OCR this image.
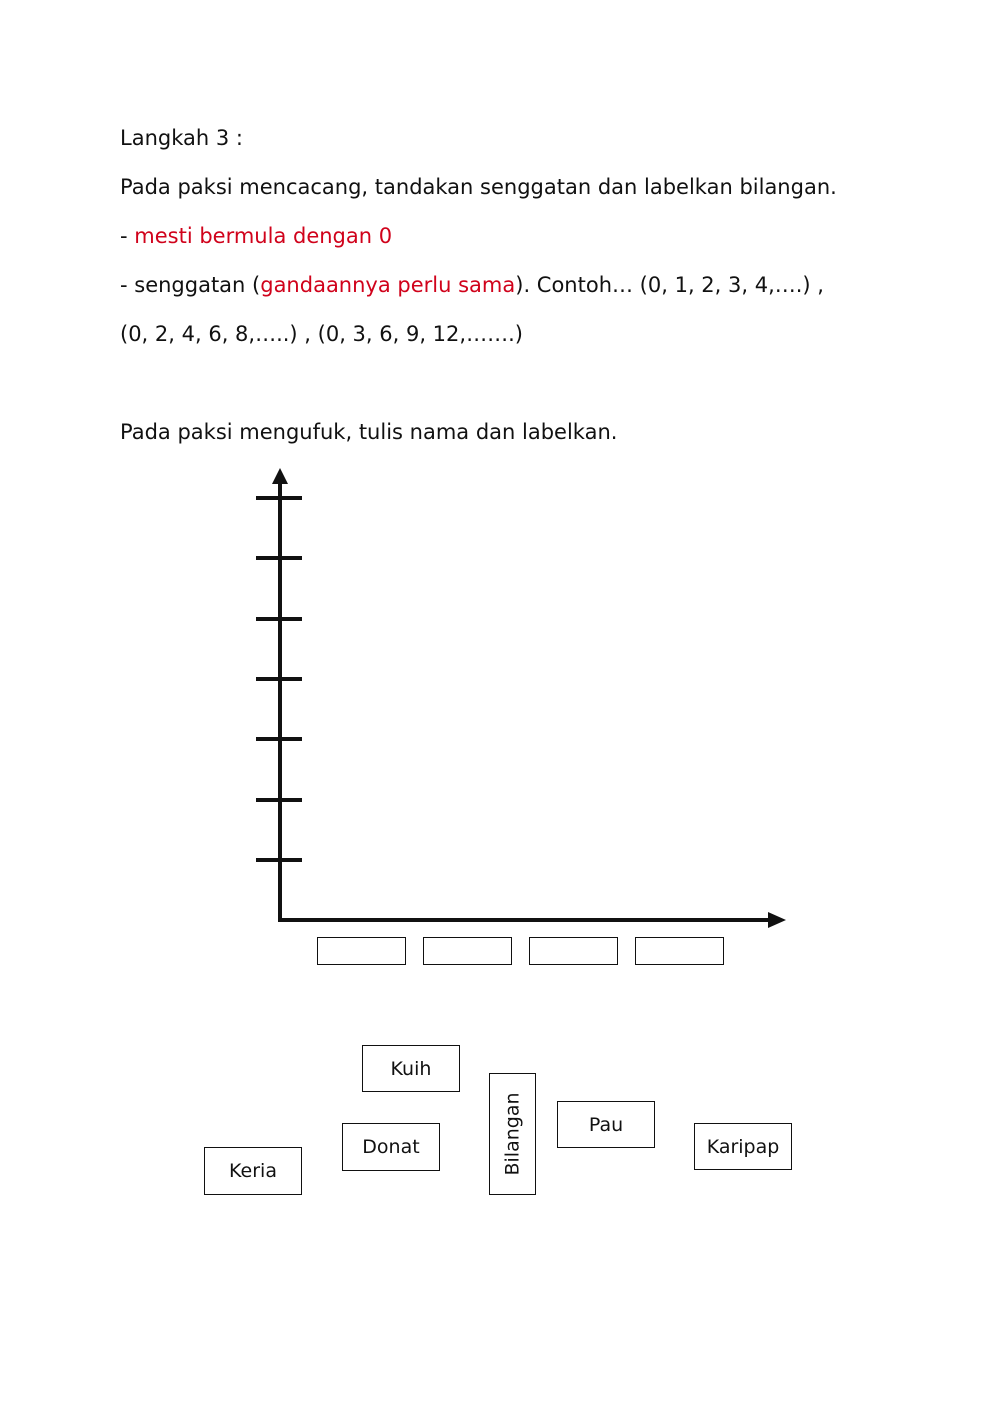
Langkah 3 :
Pada paksi mencacang, tandakan senggatan dan labelkan bilangan.
- mesti bermula dengan 0
- senggatan (gandaannya perlu sama). Contoh… (0, 1, 2, 3, 4,….) ,
(0, 2, 4, 6, 8,…..) , (0, 3, 6, 9, 12,…….)
Pada paksi mengufuk, tulis nama dan labelkan.
Kuih
Donat
Keria	Bilangan	Pau
Karipap
